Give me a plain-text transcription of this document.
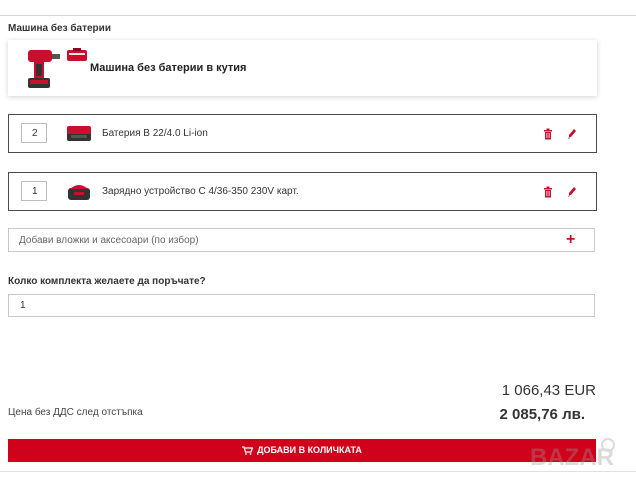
Машина без батерии
Машина без батерии в кутия
2	Батерия B 22/4.0 Li-ion
1	Зарядно устройство C 4/36-350 230V карт.
Добави вложки и аксесоари (по избор)	+
Колко комплекта желаете да поръчате?
1
Цена без ДДС след отстъпка
1 066,43 EUR
2 085,76 лв.
ДОБАВИ В КОЛИЧКАТА	BAZAR
